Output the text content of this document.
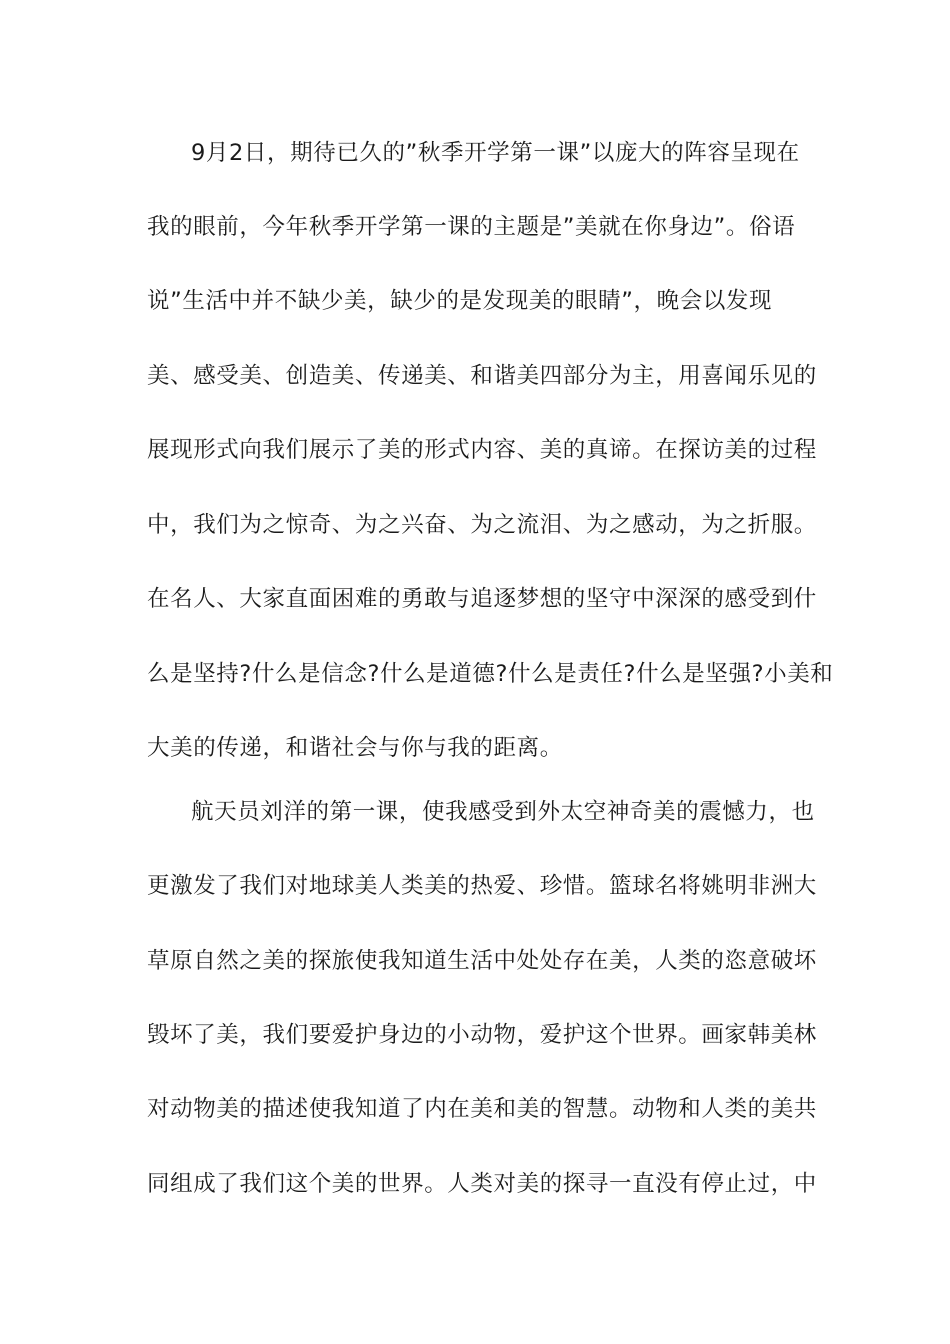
9月2日，期待已久的”秋季开学第一课”以庞大的阵容呈现在
我的眼前，今年秋季开学第一课的主题是”美就在你身边”。俗语
说”生活中并不缺少美，缺少的是发现美的眼睛”，晚会以发现
美、感受美、创造美、传递美、和谐美四部分为主，用喜闻乐见的
展现形式向我们展示了美的形式内容、美的真谛。在探访美的过程
中，我们为之惊奇、为之兴奋、为之流泪、为之感动，为之折服。
在名人、大家直面困难的勇敢与追逐梦想的坚守中深深的感受到什
么是坚持?什么是信念?什么是道德?什么是责任?什么是坚强?小美和
大美的传递，和谐社会与你与我的距离。
航天员刘洋的第一课，使我感受到外太空神奇美的震憾力，也
更激发了我们对地球美人类美的热爱、珍惜。篮球名将姚明非洲大
草原自然之美的探旅使我知道生活中处处存在美，人类的恣意破坏
毁坏了美，我们要爱护身边的小动物，爱护这个世界。画家韩美林
对动物美的描述使我知道了内在美和美的智慧。动物和人类的美共
同组成了我们这个美的世界。人类对美的探寻一直没有停止过，中
